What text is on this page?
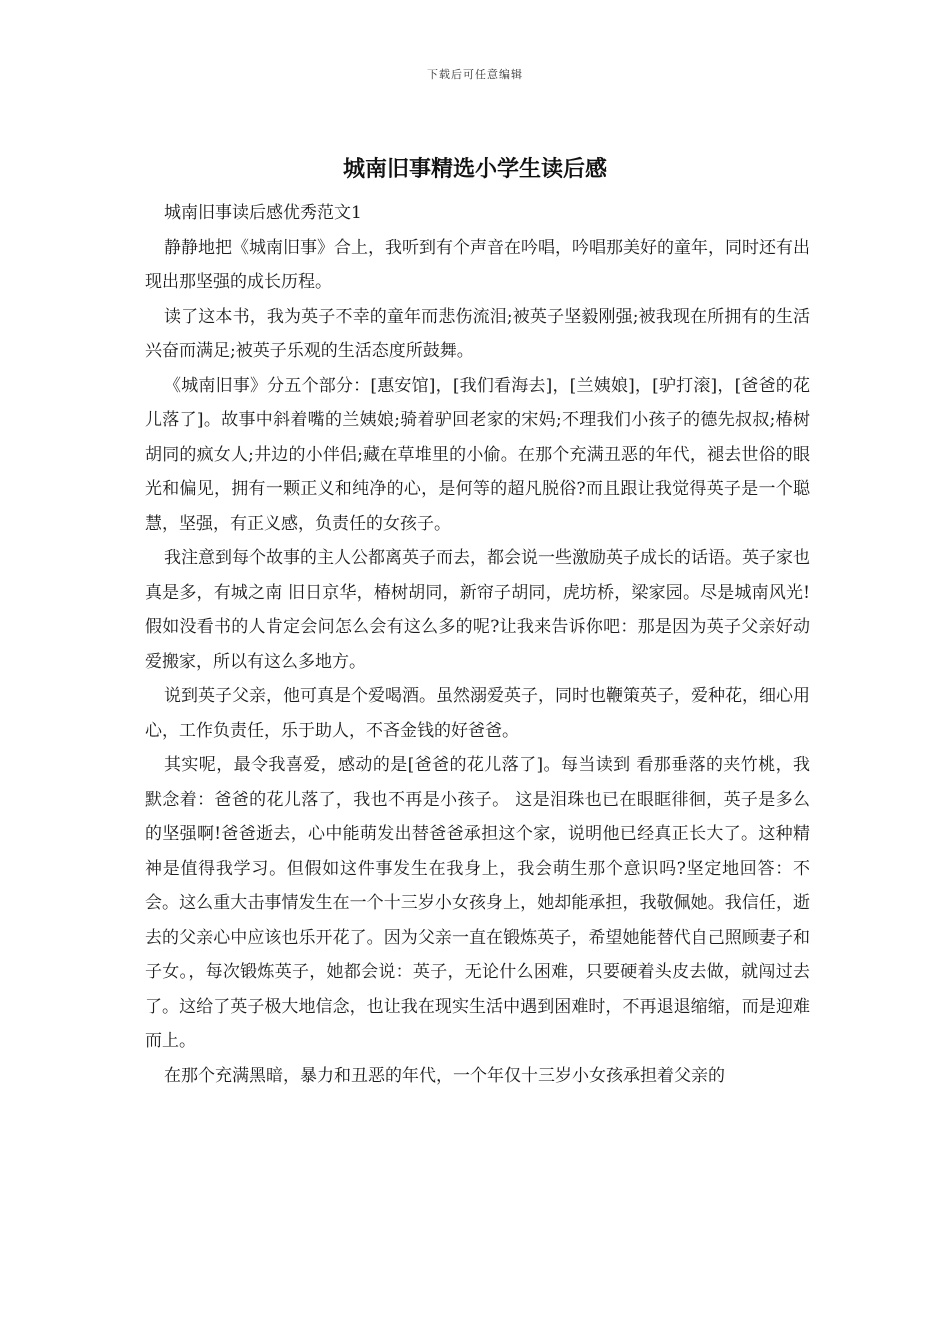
下载后可任意编辑
城南旧事精选小学生读后感

城南旧事读后感优秀范文1

静静地把《城南旧事》合上，我听到有个声音在吟唱，吟唱那美好的童年，同时还有出现出那坚强的成长历程。

读了这本书，我为英子不幸的童年而悲伤流泪;被英子坚毅刚强;被我现在所拥有的生活兴奋而满足;被英子乐观的生活态度所鼓舞。

《城南旧事》分五个部分：[惠安馆]，[我们看海去]，[兰姨娘]，[驴打滚]，[爸爸的花儿落了]。故事中斜着嘴的兰姨娘;骑着驴回老家的宋妈;不理我们小孩子的德先叔叔;椿树胡同的疯女人;井边的小伴侣;藏在草堆里的小偷。在那个充满丑恶的年代，褪去世俗的眼光和偏见，拥有一颗正义和纯净的心，是何等的超凡脱俗?而且跟让我觉得英子是一个聪慧，坚强，有正义感，负责任的女孩子。

我注意到每个故事的主人公都离英子而去，都会说一些激励英子成长的话语。英子家也真是多，有城之南 旧日京华，椿树胡同，新帘子胡同，虎坊桥，梁家园。尽是城南风光!假如没看书的人肯定会问怎么会有这么多的呢?让我来告诉你吧：那是因为英子父亲好动爱搬家，所以有这么多地方。

说到英子父亲，他可真是个爱喝酒。虽然溺爱英子，同时也鞭策英子，爱种花，细心用心，工作负责任，乐于助人，不吝金钱的好爸爸。

其实呢，最令我喜爱，感动的是[爸爸的花儿落了]。每当读到 看那垂落的夹竹桃，我默念着：爸爸的花儿落了，我也不再是小孩子。 这是泪珠也已在眼眶徘徊，英子是多么的坚强啊!爸爸逝去，心中能萌发出替爸爸承担这个家，说明他已经真正长大了。这种精神是值得我学习。但假如这件事发生在我身上，我会萌生那个意识吗?坚定地回答：不会。这么重大击事情发生在一个十三岁小女孩身上，她却能承担，我敬佩她。我信任，逝去的父亲心中应该也乐开花了。因为父亲一直在锻炼英子，希望她能替代自己照顾妻子和子女。，每次锻炼英子，她都会说：英子，无论什么困难，只要硬着头皮去做，就闯过去了。这给了英子极大地信念，也让我在现实生活中遇到困难时，不再退退缩缩，而是迎难而上。

在那个充满黑暗，暴力和丑恶的年代，一个年仅十三岁小女孩承担着父亲的
